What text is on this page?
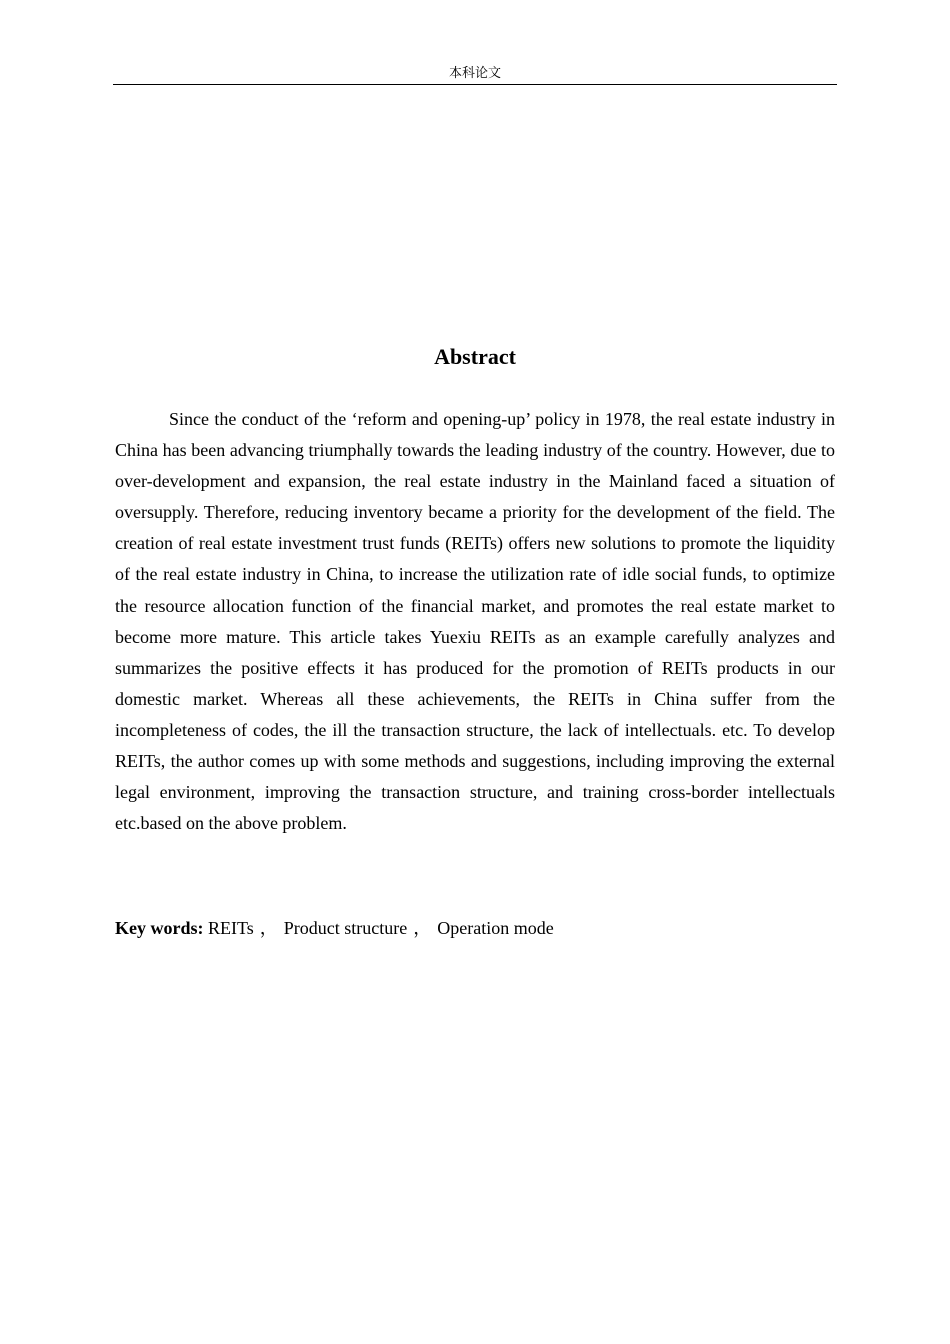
本科论文
Abstract

Since the conduct of the ‘reform and opening-up’ policy in 1978, the real estate industry in China has been advancing triumphally towards the leading industry of the country. However, due to over-development and expansion, the real estate industry in the Mainland faced a situation of oversupply. Therefore, reducing inventory became a priority for the development of the field. The creation of real estate investment trust funds (REITs) offers new solutions to promote the liquidity of the real estate industry in China, to increase the utilization rate of idle social funds, to optimize the resource allocation function of the financial market, and promotes the real estate market to become more mature. This article takes Yuexiu REITs as an example carefully analyzes and summarizes the positive effects it has produced for the promotion of REITs products in our domestic market. Whereas all these achievements, the REITs in China suffer from the incompleteness of codes, the ill the transaction structure, the lack of intellectuals. etc. To develop REITs, the author comes up with some methods and suggestions, including improving the external legal environment, improving the transaction structure, and training cross-border intellectuals etc.based on the above problem.

Key words: REITs ， Product structure ， Operation mode
